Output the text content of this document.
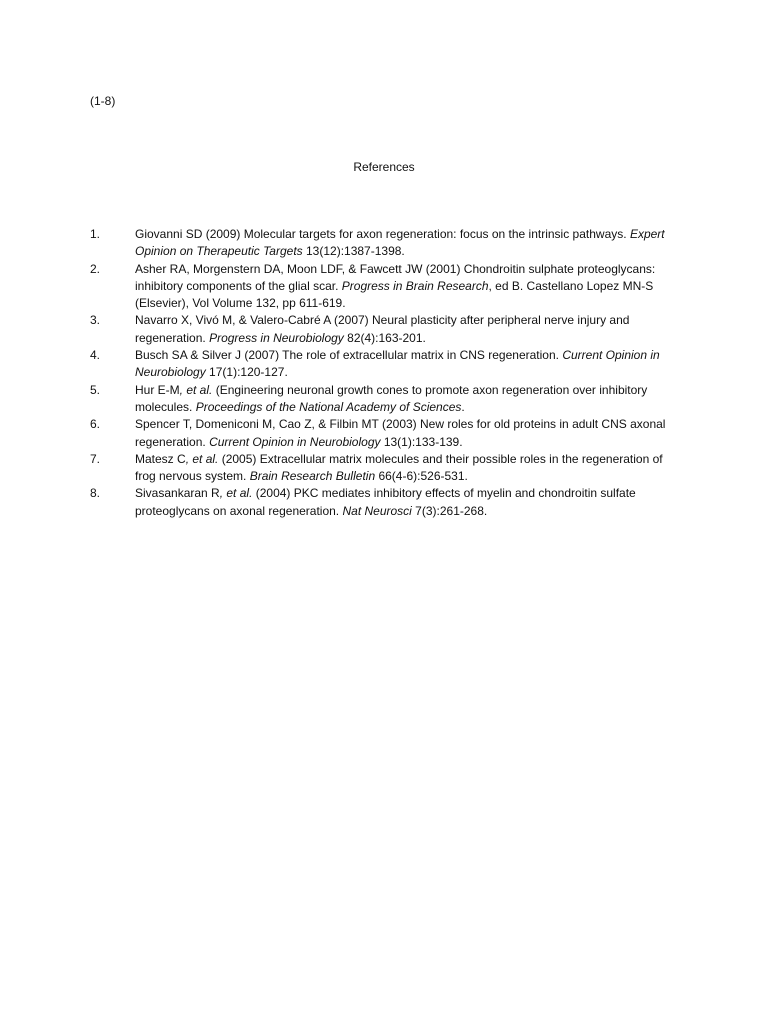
(1-8)
References
1.	Giovanni SD (2009) Molecular targets for axon regeneration: focus on the intrinsic pathways. Expert Opinion on Therapeutic Targets 13(12):1387-1398.
2.	Asher RA, Morgenstern DA, Moon LDF, & Fawcett JW (2001) Chondroitin sulphate proteoglycans: inhibitory components of the glial scar. Progress in Brain Research, ed B. Castellano Lopez MN-S (Elsevier), Vol Volume 132, pp 611-619.
3.	Navarro X, Vivó M, & Valero-Cabré A (2007) Neural plasticity after peripheral nerve injury and regeneration. Progress in Neurobiology 82(4):163-201.
4.	Busch SA & Silver J (2007) The role of extracellular matrix in CNS regeneration. Current Opinion in Neurobiology 17(1):120-127.
5.	Hur E-M, et al. (Engineering neuronal growth cones to promote axon regeneration over inhibitory molecules. Proceedings of the National Academy of Sciences.
6.	Spencer T, Domeniconi M, Cao Z, & Filbin MT (2003) New roles for old proteins in adult CNS axonal regeneration. Current Opinion in Neurobiology 13(1):133-139.
7.	Matesz C, et al. (2005) Extracellular matrix molecules and their possible roles in the regeneration of frog nervous system. Brain Research Bulletin 66(4-6):526-531.
8.	Sivasankaran R, et al. (2004) PKC mediates inhibitory effects of myelin and chondroitin sulfate proteoglycans on axonal regeneration. Nat Neurosci 7(3):261-268.
